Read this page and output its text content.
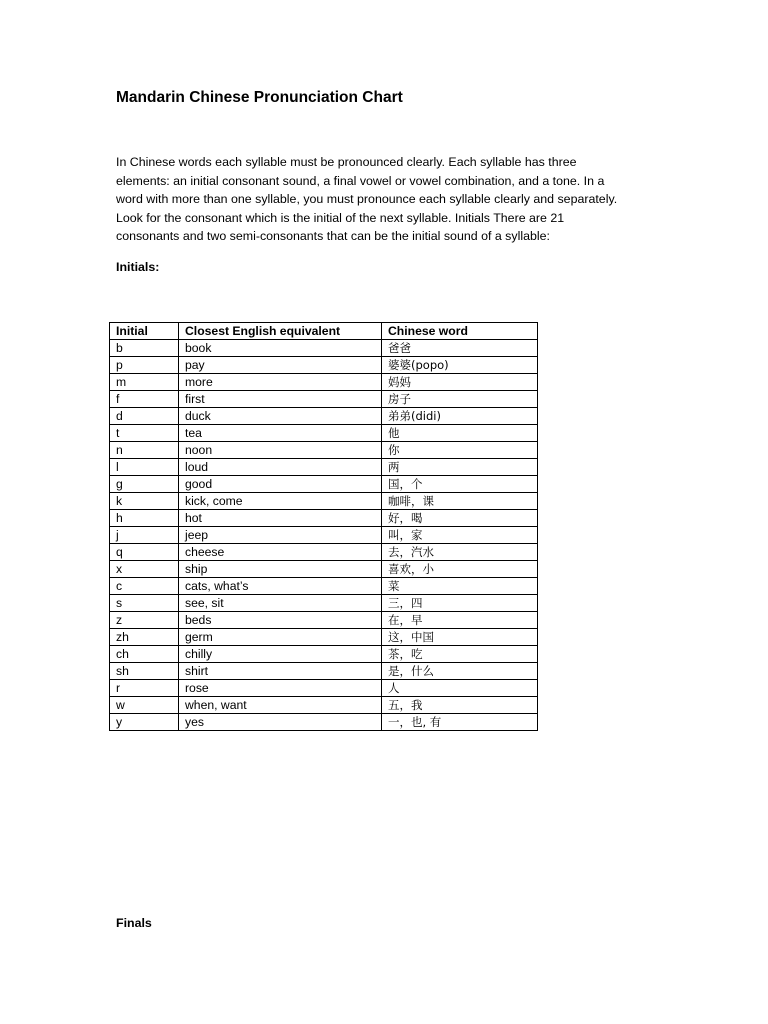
Mandarin Chinese Pronunciation Chart

In Chinese words each syllable must be pronounced clearly. Each syllable has three
elements: an initial consonant sound, a final vowel or vowel combination, and a tone. In a
word with more than one syllable, you must pronounce each syllable clearly and separately.
Look for the consonant which is the initial of the next syllable. Initials There are 21
consonants and two semi-consonants that can be the initial sound of a syllable:

Initials:
Initial	Closest English equivalent	Chinese word
b	book	爸爸
p	pay	婆婆(popo)
m	more	妈妈
f	first	房子
d	duck	弟弟(didi)
t	tea	他
n	noon	你
l	loud	两
g	good	国，个
k	kick, come	咖啡，课
h	hot	好，喝
j	jeep	叫，家
q	cheese	去，汽水
x	ship	喜欢，小
c	cats, what’s	菜
s	see, sit	三，四
z	beds	在，早
zh	germ	这，中国
ch	chilly	茶，吃
sh	shirt	是，什么
r	rose	人
w	when, want	五，我
y	yes	一，也, 有
Finals
